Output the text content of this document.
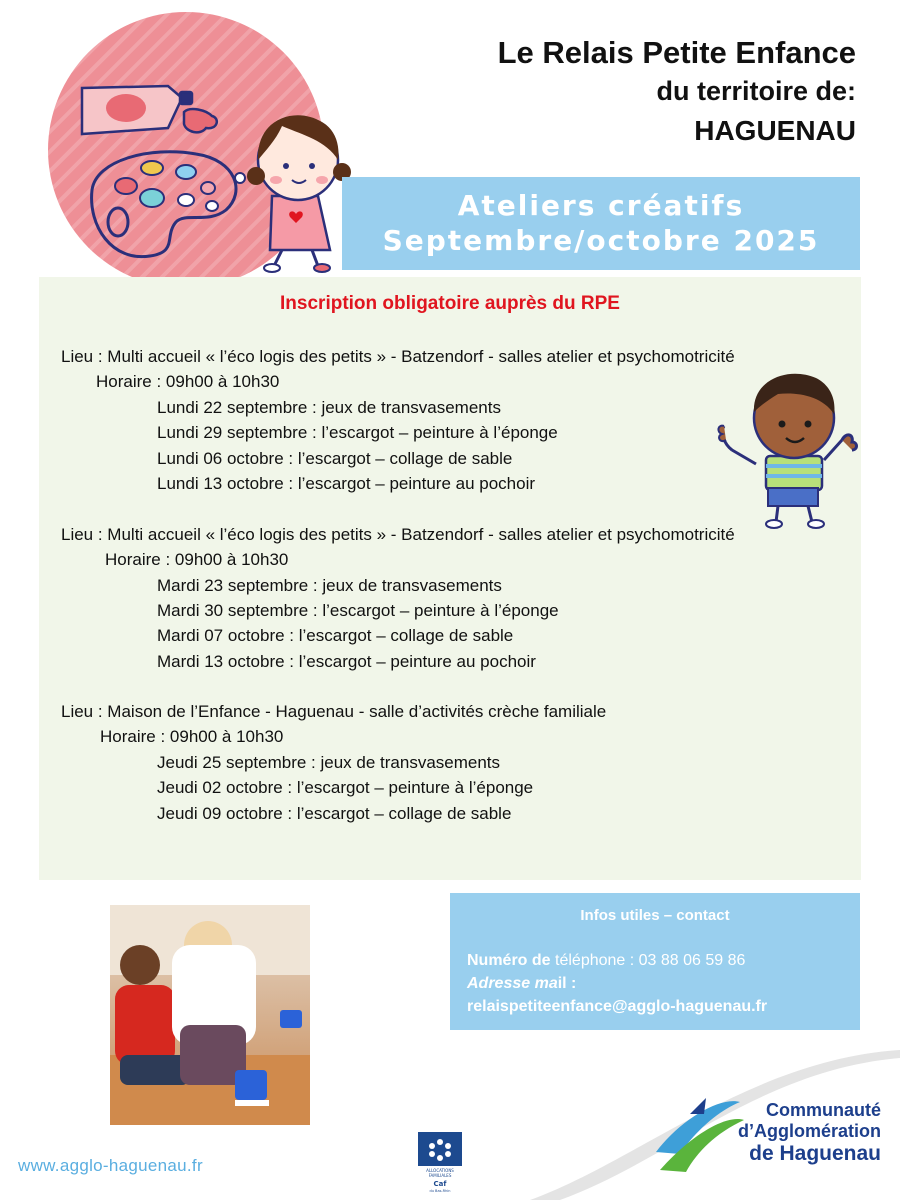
Le Relais Petite Enfance
du territoire de:
HAGUENAU
Ateliers créatifs
Septembre/octobre 2025
Inscription obligatoire auprès du RPE
Lieu : Multi accueil « l’éco logis des petits » - Batzendorf - salles atelier et psychomotricité
Horaire : 09h00 à 10h30
Lundi 22 septembre : jeux de transvasements
Lundi 29 septembre : l’escargot – peinture à l’éponge
Lundi 06 octobre : l’escargot – collage de sable
Lundi 13 octobre : l’escargot – peinture au pochoir
Lieu : Multi accueil « l’éco logis des petits » - Batzendorf - salles atelier et psychomotricité
Horaire : 09h00 à 10h30
Mardi 23 septembre : jeux de transvasements
Mardi 30 septembre : l’escargot – peinture à l’éponge
Mardi 07 octobre : l’escargot – collage de sable
Mardi 13 octobre : l’escargot – peinture au pochoir
Lieu : Maison de l’Enfance - Haguenau - salle d’activités crèche familiale
Horaire : 09h00 à 10h30
Jeudi 25 septembre : jeux de transvasements
Jeudi 02 octobre : l’escargot – peinture à l’éponge
Jeudi 09 octobre : l’escargot – collage de sable
Infos utiles – contact
Numéro de téléphone : 03 88 06 59 86
Adresse mail :
relaispetiteenfance@agglo-haguenau.fr
www.agglo-haguenau.fr	ALLOCATIONS
FAMILIALES
Caf
du Bas-Rhin
Communauté
d’Agglomération
de Haguenau
